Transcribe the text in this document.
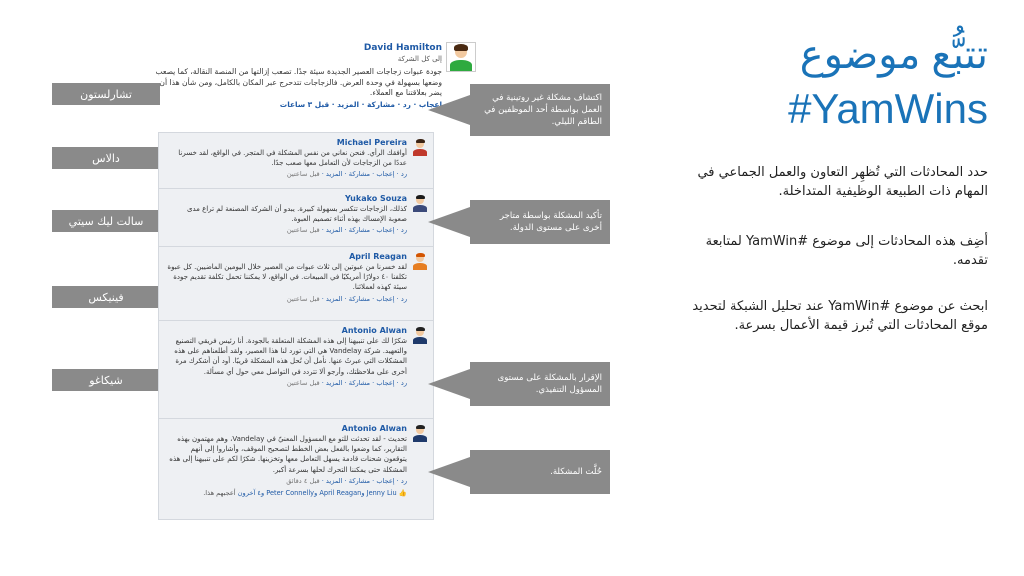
تتبُّع موضوع
#YamWins
حدد المحادثات التي تُظهِر التعاون والعمل الجماعي في المهام ذات الطبيعة الوظيفية المتداخلة.
أضِف هذه المحادثات إلى موضوع #YamWin لمتابعة تقدمه.
ابحث عن موضوع #YamWin عند تحليل الشبكة لتحديد موقع المحادثات التي تُبرز قيمة الأعمال بسرعة.
تشارلستون
دالاس
سالت ليك سيتي
فينيكس
شيكاغو
David Hamilton
إلى كل الشركة
جودة عبوات زجاجات العصير الجديدة سيئة جدًا. تصعب إزالتها من المنصة النقالة، كما يصعب وضعها بسهولة في وحدة العرض. فالزجاجات تتدحرج عبر المكان بالكامل، ومن شأن هذا أن يضر بعلاقتنا مع العملاء.
إعجاب · رد · مشاركة · المزيد · قبل ٣ ساعات
Michael Pereira
أوافقك الرأي. فنحن نعاني من نفس المشكلة في المتجر. في الواقع، لقد خسرنا عددًا من الزجاجات لأن التعامل معها صعب جدًا.
رد · إعجاب · مشاركة · المزيد · قبل ساعتين
Yukako Souza
كذلك، الزجاجات تتكسر بسهولة كبيرة. يبدو أن الشركة المصنعة لم تراع مدى صعوبة الإمساك بهذه أثناء تصميم العبوة.
رد · إعجاب · مشاركة · المزيد · قبل ساعتين
April Reagan
لقد خسرنا من عبوتين إلى ثلاث عبوات من العصير خلال اليومين الماضيين. كل عبوة تكلفنا ٤٠ دولارًا أمريكيًا في المبيعات. في الواقع، لا يمكننا تحمل تكلفة تقديم جودة سيئة كهذه لعملائنا.
رد · إعجاب · مشاركة · المزيد · قبل ساعتين
Antonio Alwan
شكرًا لك على تنبيهنا إلى هذه المشكلة المتعلقة بالجودة. أنا رئيس فريقي التصنيع والتعهيد. شركة Vandelay هي التي تورد لنا هذا العصير، ولقد أطلعناهم على هذه المشكلات التي عبرتُ عنها. نأمل أن تُحل هذه المشكلة قريبًا. أود أن أشكرك مرة أخرى على ملاحظتك، وأرجو ألا تتردد في التواصل معي حول أي مسألة.
رد · إعجاب · مشاركة · المزيد · قبل ساعتين
Antonio Alwan
تحديث - لقد تحدثت للتو مع المسؤول المعنيّ في Vandelay، وهم مهتمون بهذه التقارير، كما وضعوا بالفعل بعض الخطط لتصحيح الموقف، وأشاروا إلى أنهم يتوقعون شحنات قادمة يسهل التعامل معها وتخزينها. شكرًا لكم على تنبيهنا إلى هذه المشكلة حتى يمكننا التحرك لحلها بسرعة أكبر.
رد · إعجاب · مشاركة · المزيد · قبل ٤ دقائق
👍 Jenny Liu وApril Reagan وPeter Connelly و٤ آخرون أعجبهم هذا.
اكتشاف مشكلة غير روتينية في العمل بواسطة أحد الموظفين في الطاقم الليلي.
تأكيد المشكلة بواسطة متاجر أخرى على مستوى الدولة.
الإقرار بالمشكلة على مستوى المسؤول التنفيذي.
حُلَّت المشكلة.
